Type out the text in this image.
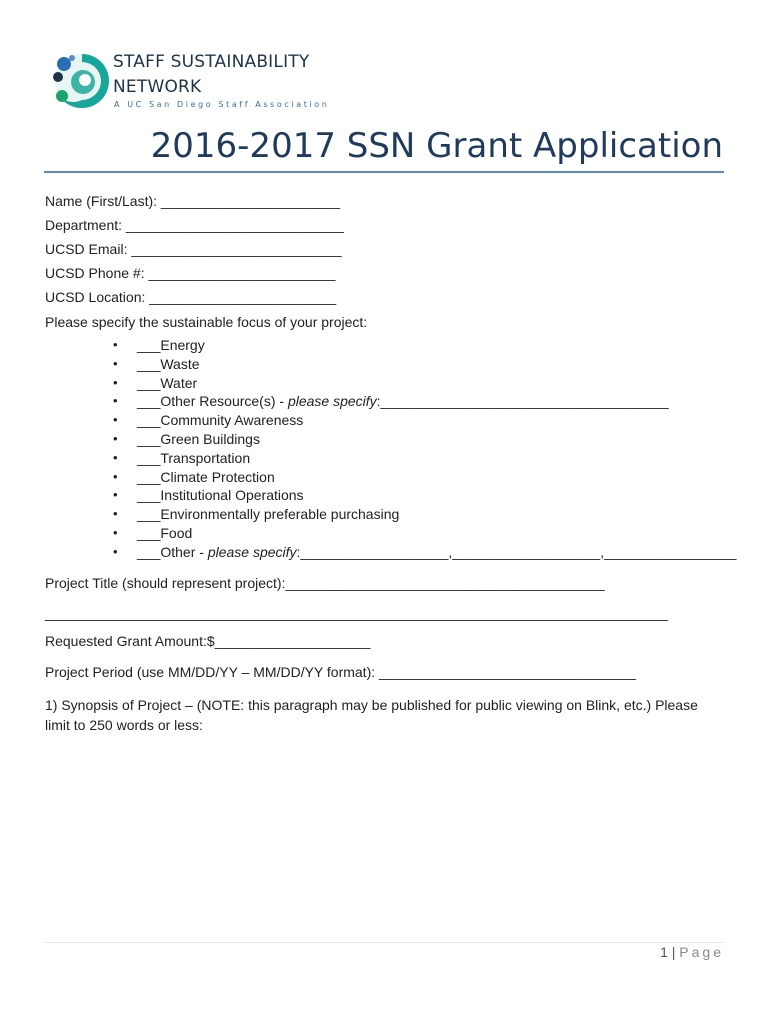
STAFF SUSTAINABILITY
NETWORK
A UC San Diego Staff Association
2016-2017 SSN Grant Application
Name (First/Last): _______________________
Department: ____________________________
UCSD Email: ___________________________
UCSD Phone #: ________________________
UCSD Location: ________________________
Please specify the sustainable focus of your project:
• ___Energy
• ___Waste
• ___Water
• ___Other Resource(s) - please specify:_____________________________________
• ___Community Awareness
• ___Green Buildings
• ___Transportation
• ___Climate Protection
• ___Institutional Operations
• ___Environmentally preferable purchasing
• ___Food
• ___Other - please specify:___________________,___________________,_________________
Project Title (should represent project):_________________________________________
________________________________________________________________________________
Requested Grant Amount:$____________________
Project Period (use MM/DD/YY – MM/DD/YY format): _________________________________
1) Synopsis of Project – (NOTE: this paragraph may be published for public viewing on Blink, etc.) Please limit to 250 words or less:
1 | Page
